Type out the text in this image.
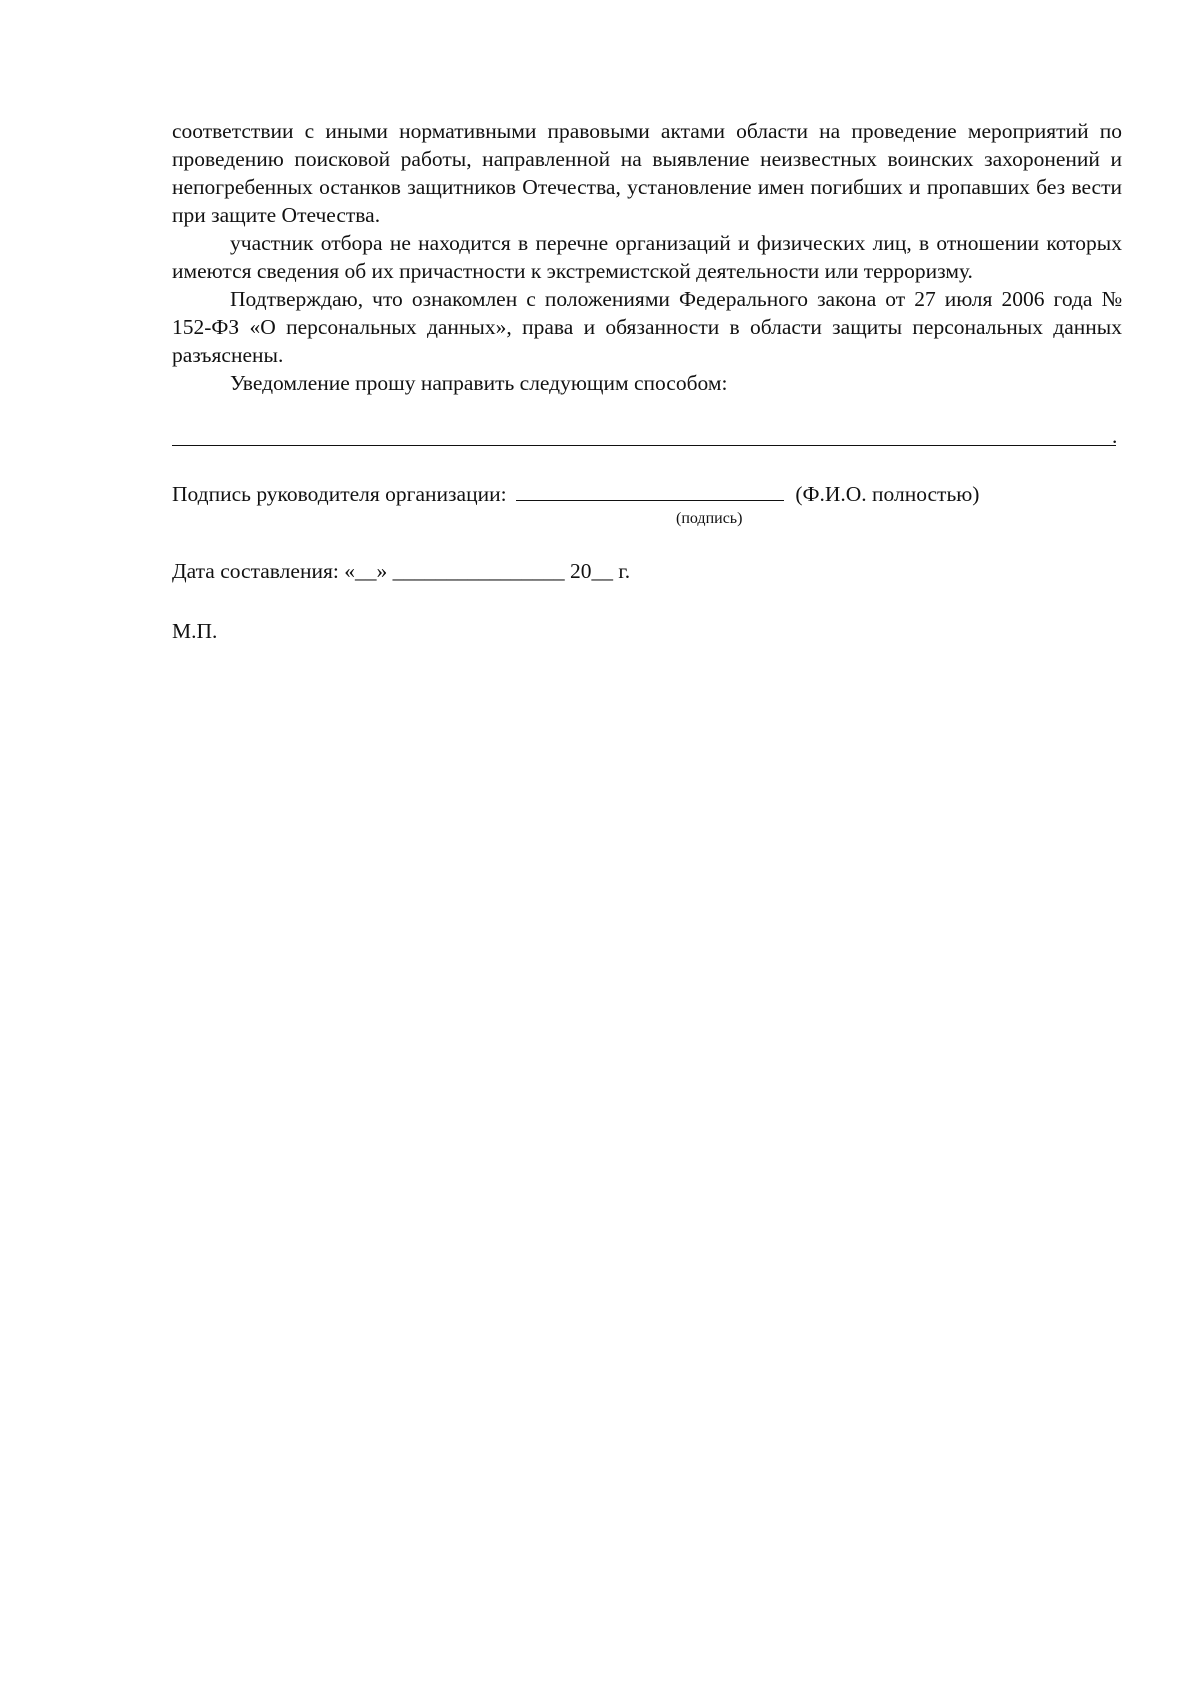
соответствии с иными нормативными правовыми актами области на проведение мероприятий по проведению поисковой работы, направленной на выявление неизвестных воинских захоронений и непогребенных останков защитников Отечества, установление имен погибших и пропавших без вести при защите Отечества.

участник отбора не находится в перечне организаций и физических лиц, в отношении которых имеются сведения об их причастности к экстремистской деятельности или терроризму.

Подтверждаю, что ознакомлен с положениями Федерального закона от 27 июля 2006 года № 152-ФЗ «О персональных данных», права и обязанности в области защиты персональных данных разъяснены.

Уведомление прошу направить следующим способом:

.
Подпись руководителя организации:	(Ф.И.О. полностью)
(подпись)
Дата составления: «__» ________________ 20__ г.
М.П.
